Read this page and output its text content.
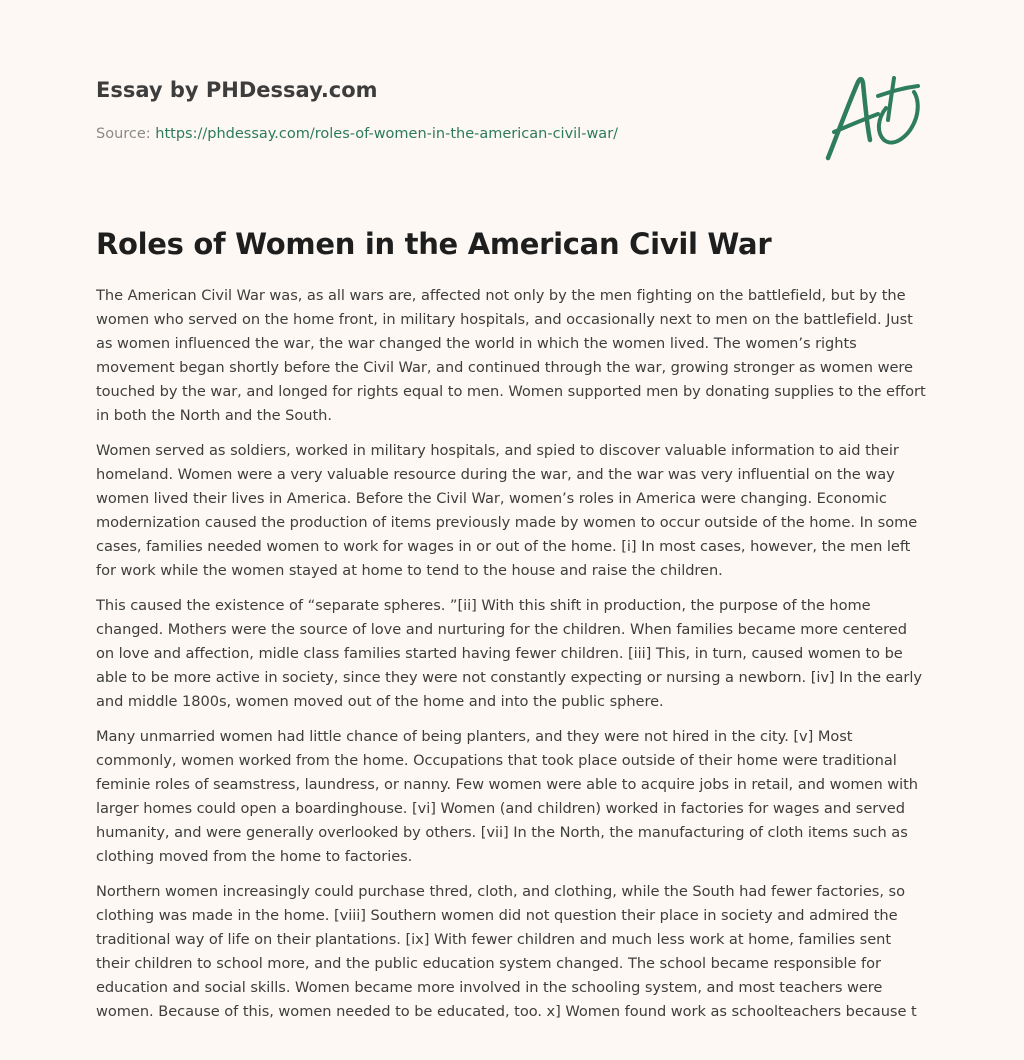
Essay by PHDessay.com
Source: https://phdessay.com/roles-of-women-in-the-american-civil-war/
Roles of Women in the American Civil War

The American Civil War was, as all wars are, affected not only by the men fighting on the battlefield, but by the women who served on the home front, in military hospitals, and occasionally next to men on the battlefield. Just as women influenced the war, the war changed the world in which the women lived. The women’s rights movement began shortly before the Civil War, and continued through the war, growing stronger as women were touched by the war, and longed for rights equal to men. Women supported men by donating supplies to the effort in both the North and the South.

Women served as soldiers, worked in military hospitals, and spied to discover valuable information to aid their homeland. Women were a very valuable resource during the war, and the war was very influential on the way women lived their lives in America. Before the Civil War, women’s roles in America were changing. Economic modernization caused the production of items previously made by women to occur outside of the home. In some cases, families needed women to work for wages in or out of the home. [i] In most cases, however, the men left for work while the women stayed at home to tend to the house and raise the children.

This caused the existence of “separate spheres. ”[ii] With this shift in production, the purpose of the home changed. Mothers were the source of love and nurturing for the children. When families became more centered on love and affection, midle class families started having fewer children. [iii] This, in turn, caused women to be able to be more active in society, since they were not constantly expecting or nursing a newborn. [iv] In the early and middle 1800s, women moved out of the home and into the public sphere.

Many unmarried women had little chance of being planters, and they were not hired in the city. [v] Most commonly, women worked from the home. Occupations that took place outside of their home were traditional feminie roles of seamstress, laundress, or nanny. Few women were able to acquire jobs in retail, and women with larger homes could open a boardinghouse. [vi] Women (and children) worked in factories for wages and served humanity, and were generally overlooked by others. [vii] In the North, the manufacturing of cloth items such as clothing moved from the home to factories.

Northern women increasingly could purchase thred, cloth, and clothing, while the South had fewer factories, so clothing was made in the home. [viii] Southern women did not question their place in society and admired the traditional way of life on their plantations. [ix] With fewer children and much less work at home, families sent their children to school more, and the public education system changed. The school became responsible for education and social skills. Women became more involved in the schooling system, and most teachers were women. Because of this, women needed to be educated, too. x] Women found work as schoolteachers because t
